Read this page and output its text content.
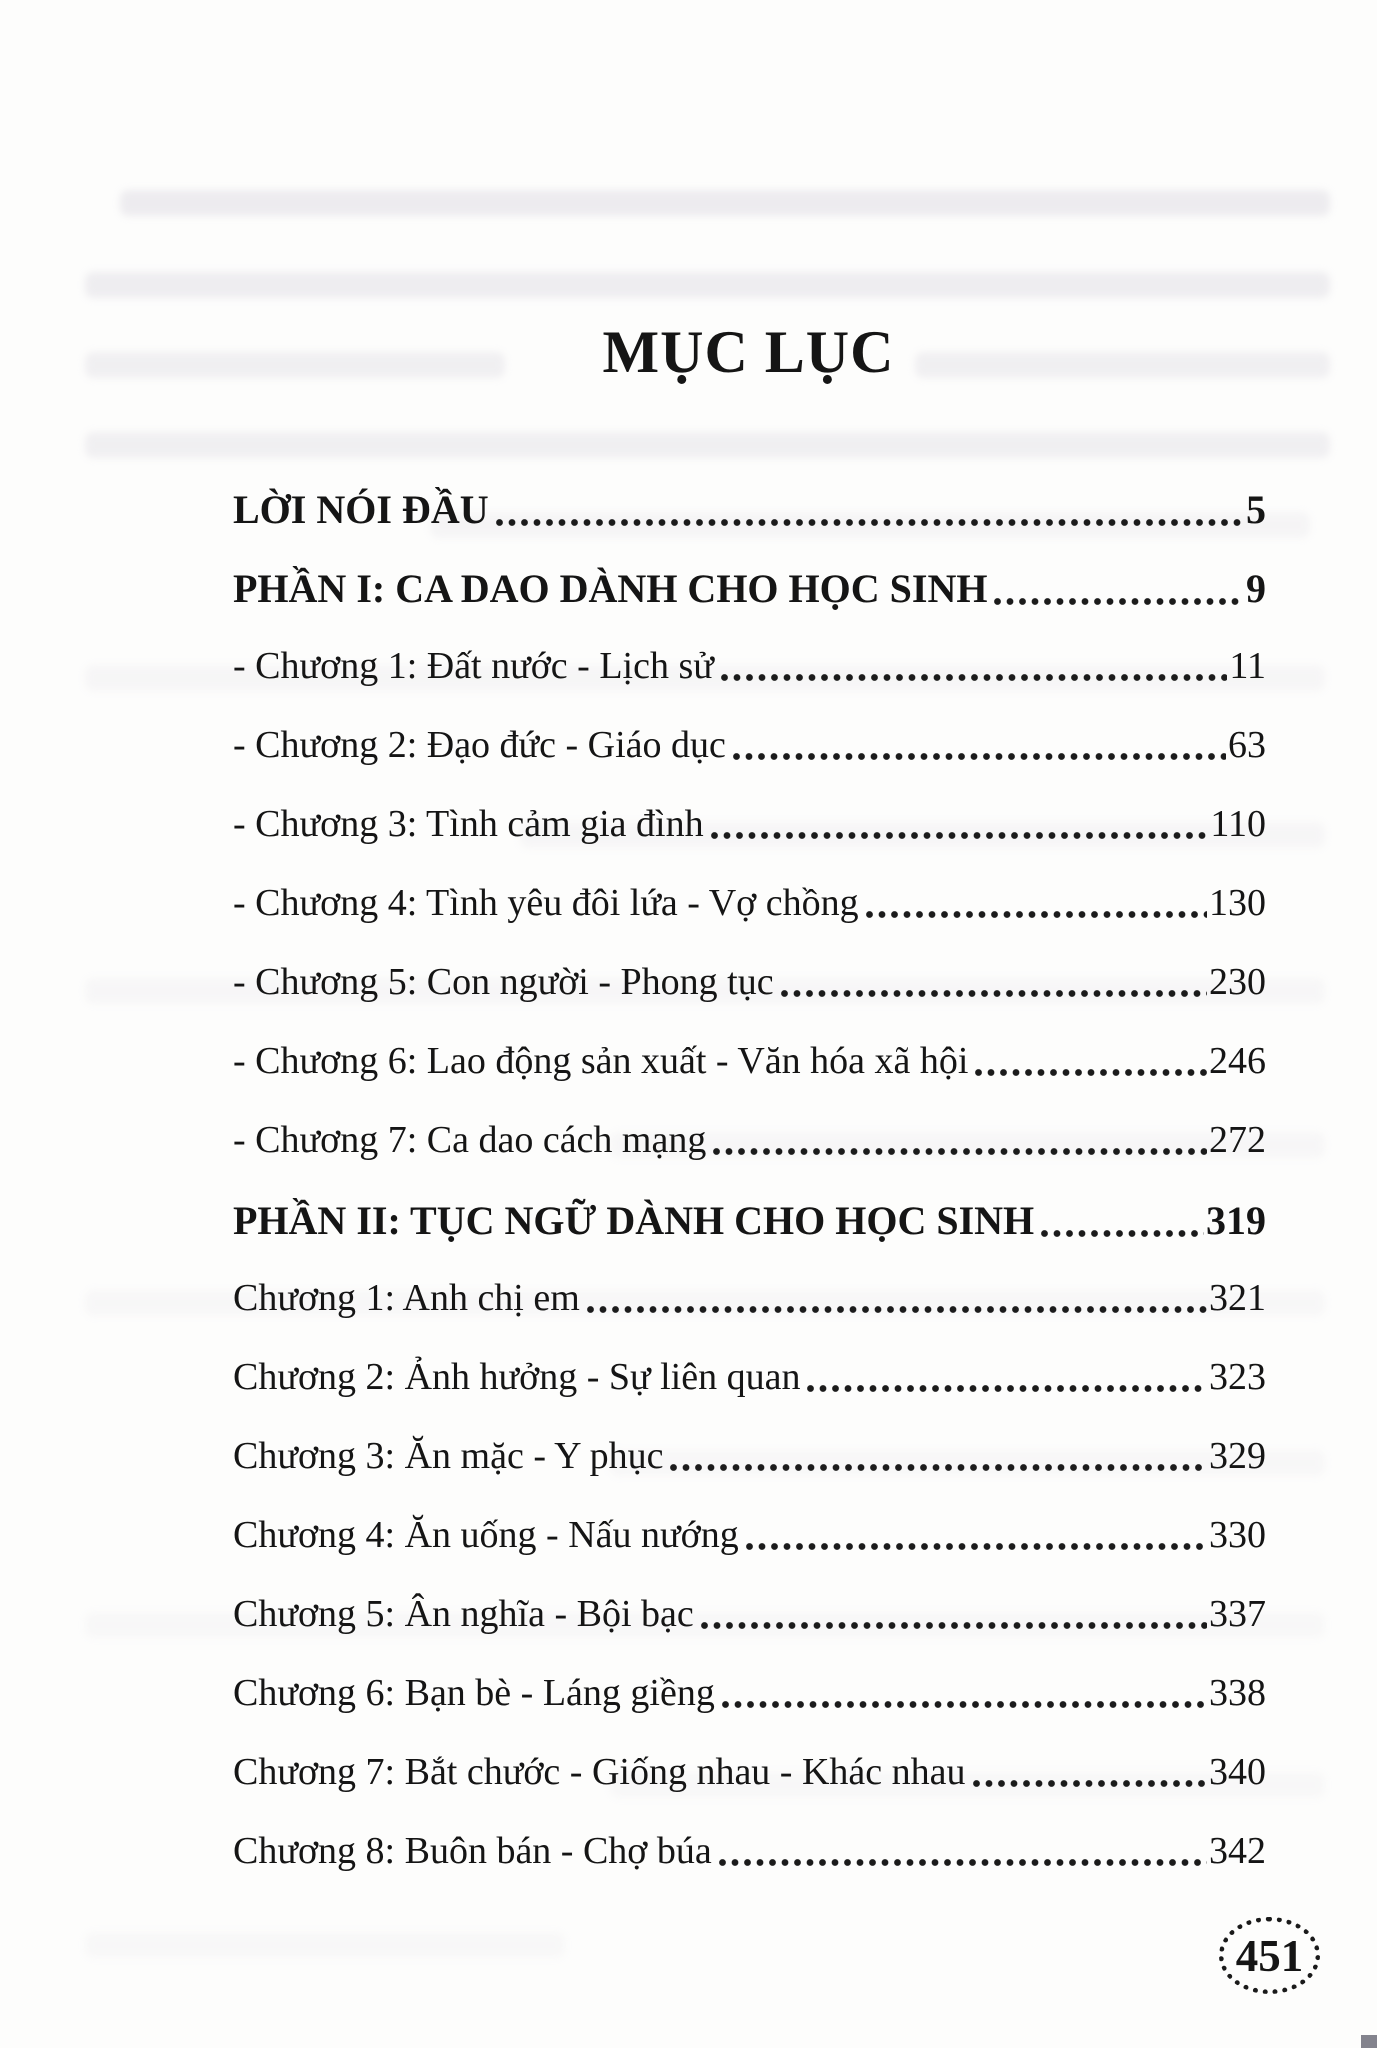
MỤC LỤC
LỜI NÓI ĐẦU	5
PHẦN I: CA DAO DÀNH CHO HỌC SINH	9
- Chương 1: Đất nước - Lịch sử	11
- Chương 2: Đạo đức - Giáo dục	63
- Chương 3: Tình cảm gia đình	110
- Chương 4: Tình yêu đôi lứa - Vợ chồng	130
- Chương 5: Con người - Phong tục	230
- Chương 6: Lao động sản xuất - Văn hóa xã hội	246
- Chương 7: Ca dao cách mạng	272
PHẦN II: TỤC NGỮ DÀNH CHO HỌC SINH	319
Chương 1: Anh chị em	321
Chương 2: Ảnh hưởng - Sự liên quan	323
Chương 3: Ăn mặc - Y phục	329
Chương 4: Ăn uống - Nấu nướng	330
Chương 5: Ân nghĩa - Bội bạc	337
Chương 6: Bạn bè - Láng giềng	338
Chương 7: Bắt chước - Giống nhau - Khác nhau	340
Chương 8: Buôn bán - Chợ búa	342
451
